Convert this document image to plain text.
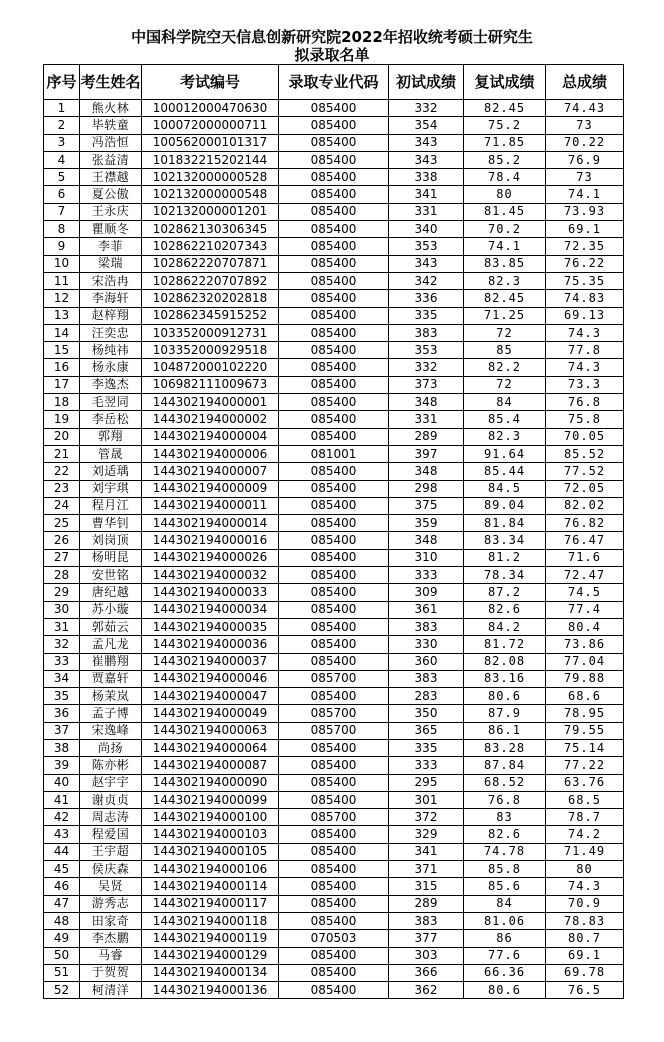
中国科学院空天信息创新研究院2022年招收统考硕士研究生
拟录取名单
序号	考生姓名	考试编号	录取专业代码	初试成绩	复试成绩	总成绩
1	熊火林	100012000470630	085400	332	82.45	74.43
2	毕轶童	100072000000711	085400	354	75.2	73
3	冯浩恒	100562000101317	085400	343	71.85	70.22
4	张益清	101832215202144	085400	343	85.2	76.9
5	王襟越	102132000000528	085400	338	78.4	73
6	夏公傲	102132000000548	085400	341	80	74.1
7	王永庆	102132000001201	085400	331	81.45	73.93
8	瞿顺冬	102862130306345	085400	340	70.2	69.1
9	李菲	102862210207343	085400	353	74.1	72.35
10	梁瑞	102862220707871	085400	343	83.85	76.22
11	宋浩冉	102862220707892	085400	342	82.3	75.35
12	李海轩	102862320202818	085400	336	82.45	74.83
13	赵梓翔	102862345915252	085400	335	71.25	69.13
14	汪奕忠	103352000912731	085400	383	72	74.3
15	杨纯祎	103352000929518	085400	353	85	77.8
16	杨永康	104872000102220	085400	332	82.2	74.3
17	李逸杰	106982111009673	085400	373	72	73.3
18	毛翌同	144302194000001	085400	348	84	76.8
19	李岳松	144302194000002	085400	331	85.4	75.8
20	郭翔	144302194000004	085400	289	82.3	70.05
21	管晟	144302194000006	081001	397	91.64	85.52
22	刘适瑀	144302194000007	085400	348	85.44	77.52
23	刘宇琪	144302194000009	085400	298	84.5	72.05
24	程月江	144302194000011	085400	375	89.04	82.02
25	曹华钊	144302194000014	085400	359	81.84	76.82
26	刘岗顶	144302194000016	085400	348	83.34	76.47
27	杨明昆	144302194000026	085400	310	81.2	71.6
28	安世铭	144302194000032	085400	333	78.34	72.47
29	唐纪越	144302194000033	085400	309	87.2	74.5
30	苏小璇	144302194000034	085400	361	82.6	77.4
31	郭茹云	144302194000035	085400	383	84.2	80.4
32	孟凡龙	144302194000036	085400	330	81.72	73.86
33	崔鹏翔	144302194000037	085400	360	82.08	77.04
34	贾嘉轩	144302194000046	085700	383	83.16	79.88
35	杨茉岚	144302194000047	085400	283	80.6	68.6
36	孟子博	144302194000049	085700	350	87.9	78.95
37	宋逸峰	144302194000063	085700	365	86.1	79.55
38	尚扬	144302194000064	085400	335	83.28	75.14
39	陈亦彬	144302194000087	085400	333	87.84	77.22
40	赵宇宇	144302194000090	085400	295	68.52	63.76
41	谢贞贞	144302194000099	085400	301	76.8	68.5
42	周志涛	144302194000100	085700	372	83	78.7
43	程爱国	144302194000103	085400	329	82.6	74.2
44	王宇超	144302194000105	085400	341	74.78	71.49
45	侯庆森	144302194000106	085400	371	85.8	80
46	吴贤	144302194000114	085400	315	85.6	74.3
47	游秀志	144302194000117	085400	289	84	70.9
48	田家奇	144302194000118	085400	383	81.06	78.83
49	李杰鹏	144302194000119	070503	377	86	80.7
50	马睿	144302194000129	085400	303	77.6	69.1
51	于贺贺	144302194000134	085400	366	66.36	69.78
52	柯清洋	144302194000136	085400	362	80.6	76.5
